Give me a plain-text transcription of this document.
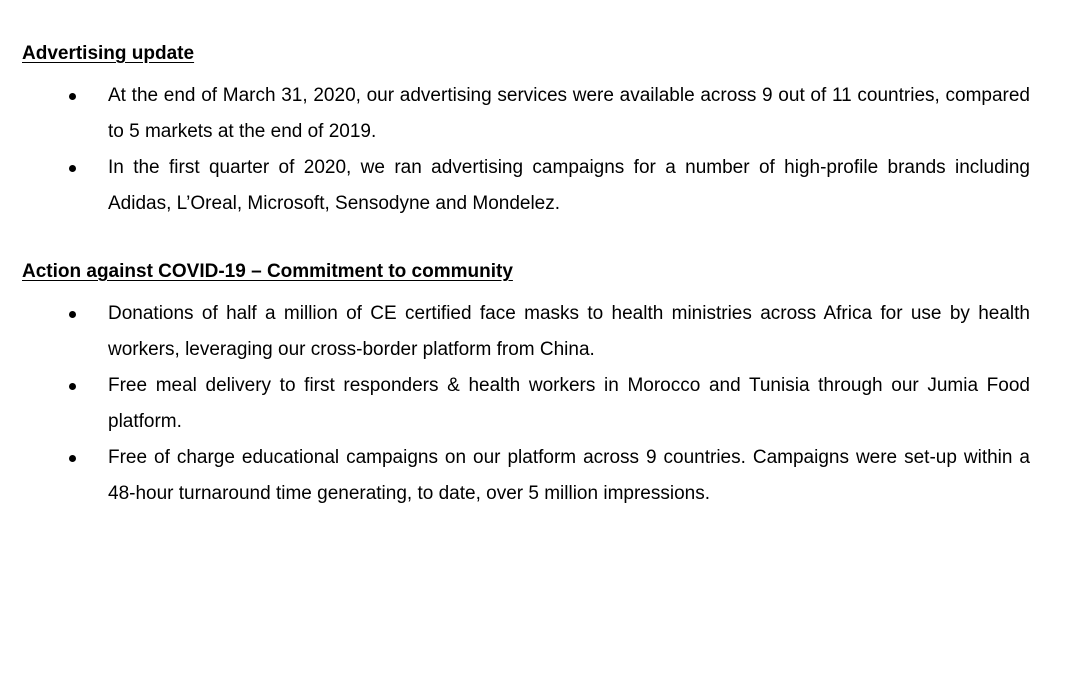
Advertising update
At the end of March 31, 2020, our advertising services were available across 9 out of 11 countries, compared to 5 markets at the end of 2019.
In the first quarter of 2020, we ran advertising campaigns for a number of high-profile brands including Adidas, L’Oreal, Microsoft, Sensodyne and Mondelez.
Action against COVID-19 – Commitment to community
Donations of half a million of CE certified face masks to health ministries across Africa for use by health workers, leveraging our cross-border platform from China.
Free meal delivery to first responders & health workers in Morocco and Tunisia through our Jumia Food platform.
Free of charge educational campaigns on our platform across 9 countries. Campaigns were set-up within a 48-hour turnaround time generating, to date, over 5 million impressions.
